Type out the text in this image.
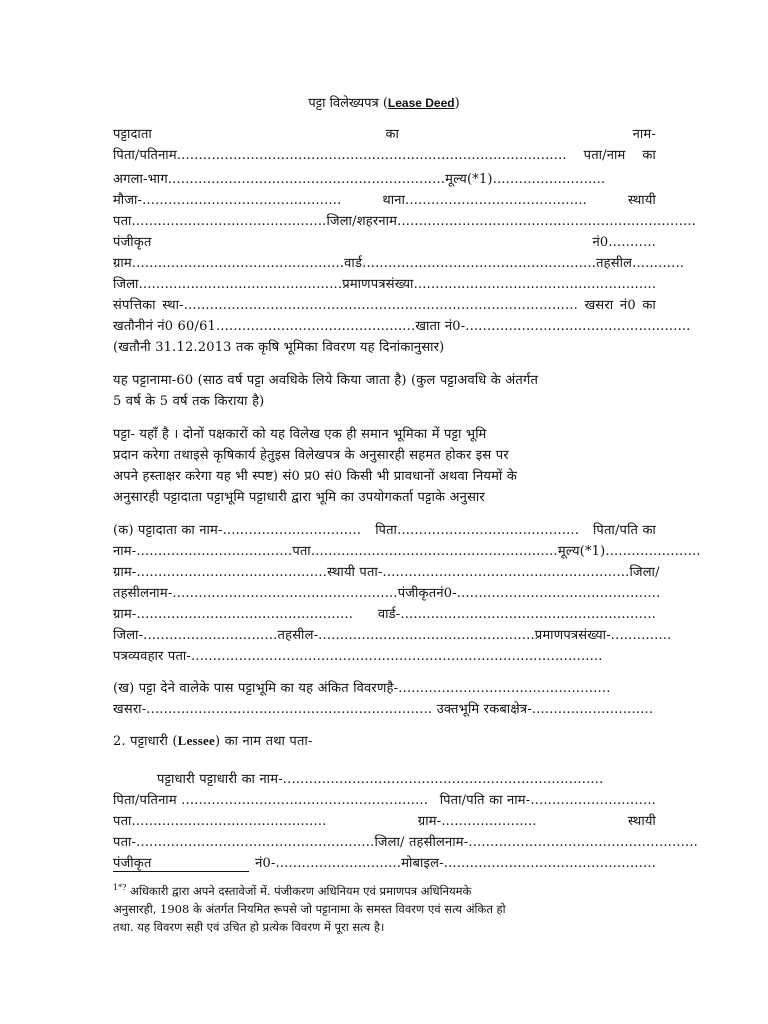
पट्टा विलेख्यपत्र (Lease Deed)
पट्टादाता	का	नाम-
पिता/पतिनाम.......................................................................................... पता/नाम का
अगला-भाग................................................................मूल्य(*1)..........................
मौजा-..............................................	थाना..........................................	स्थायी
पता............................................. जिला/शहरनाम.....................................................................
पंजीकृत	नं0...........
ग्राम.................................................वार्ड...................................................... तहसील............
जिला............................................... प्रमाणपत्रसंख्या........................................................
संपत्तिका स्था-........................................................................................... खसरा नं0 का
खतौनीनं नं0 60/61.............................................. खाता नं0-....................................................
(खतौनी 31.12.2013 तक कृषि भूमिका विवरण यह दिनांकानुसार)
यह पट्टानामा-60 (साठ वर्ष पट्टा अवधिके लिये किया जाता है) (कुल पट्टाअवधि के अंतर्गत
5 वर्ष के 5 वर्ष तक किराया है)
पट्टा- यहाँ है । दोनों पक्षकारों को यह विलेख एक ही समान भूमिका में पट्टा भूमि
प्रदान करेगा तथाइसे कृषिकार्य हेतुइस विलेखपत्र के अनुसारही सहमत होकर इस पर
अपने हस्ताक्षर करेगा यह भी स्पष्ट) सं0 प्र0 सं0 किसी भी प्रावधानों अथवा नियमों के
अनुसारही पट्टादाता पट्टाभूमि पट्टाधारी द्वारा भूमि का उपयोगकर्ता पट्टाके अनुसार
(क) पट्टादाता का नाम-................................ पिता.......................................... पिता/पति का
नाम-.................................... पता......................................................... मूल्य(*1)......................
ग्राम-............................................ स्थायी पता-......................................................... जिला/
तहसीलनाम-.................................................... पंजीकृत नं0-...............................................
ग्राम-.................................................. वार्ड-...........................................................
जिला-............................... तहसील-.................................................. प्रमाणपत्रसंख्या-..............
पत्रव्यवहार पता-...............................................................................................
(ख) पट्टा देने वालेके पास पट्टाभूमि का यह अंकित विवरणहै-.................................................
खसरा-.................................................................. उक्तभूमि रकबाक्षेत्र-............................
2. पट्टाधारी (Lessee) का नाम तथा पता-
पट्टाधारी पट्टाधारी का नाम-..........................................................................
पिता/पतिनाम ......................................................... पिता/पति का नाम-.............................
पता.............................................	ग्राम-......................	स्थायी
पता-....................................................... जिला/ तहसीलनाम-.....................................................
पंजीकृत	नं0-.............................मोबाइल-.................................................
$^{1*?}$ अधिकारी द्वारा अपने दस्तावेजों में. पंजीकरण अधिनियम एवं प्रमाणपत्र अधिनियमके
अनुसारही, 1908 के अंतर्गत नियमित रूपसे जो पट्टानामा के समस्त विवरण एवं सत्य अंकित हो
तथा. यह विवरण सही एवं उचित हो प्रत्येक विवरण में पूरा सत्य है।
